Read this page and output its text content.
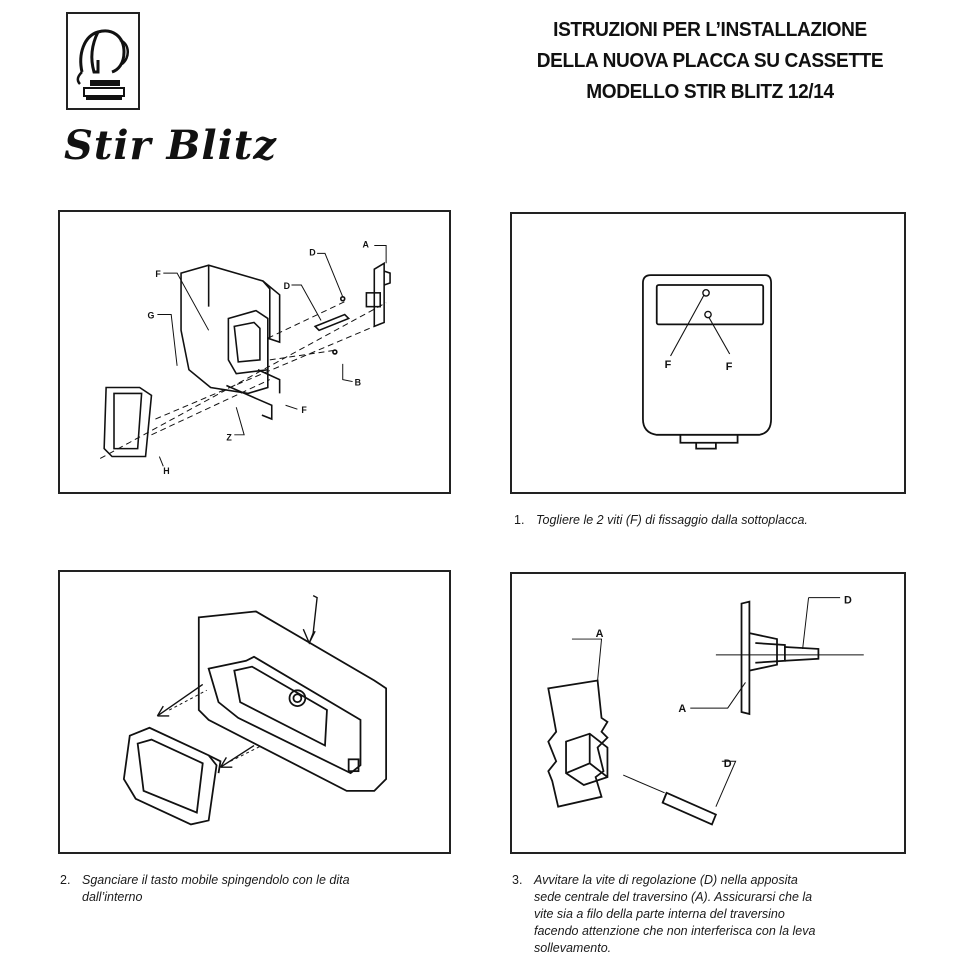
Stir Blitz
ISTRUZIONI PER L’INSTALLAZIONE
DELLA NUOVA PLACCA SU CASSETTE
MODELLO STIR BLITZ 12/14
A
D
D
F
F
G
B
Z
H
F	F
1. Togliere le 2 viti (F) di fissaggio dalla sottoplacca.
2. Sganciare il tasto mobile spingendolo con le dita
dall’interno
A
A
D
D
3. Avvitare la vite di regolazione (D) nella apposita
sede centrale del traversino (A). Assicurarsi che la
vite sia a filo della parte interna del traversino
facendo attenzione che non interferisca con la leva
sollevamento.
